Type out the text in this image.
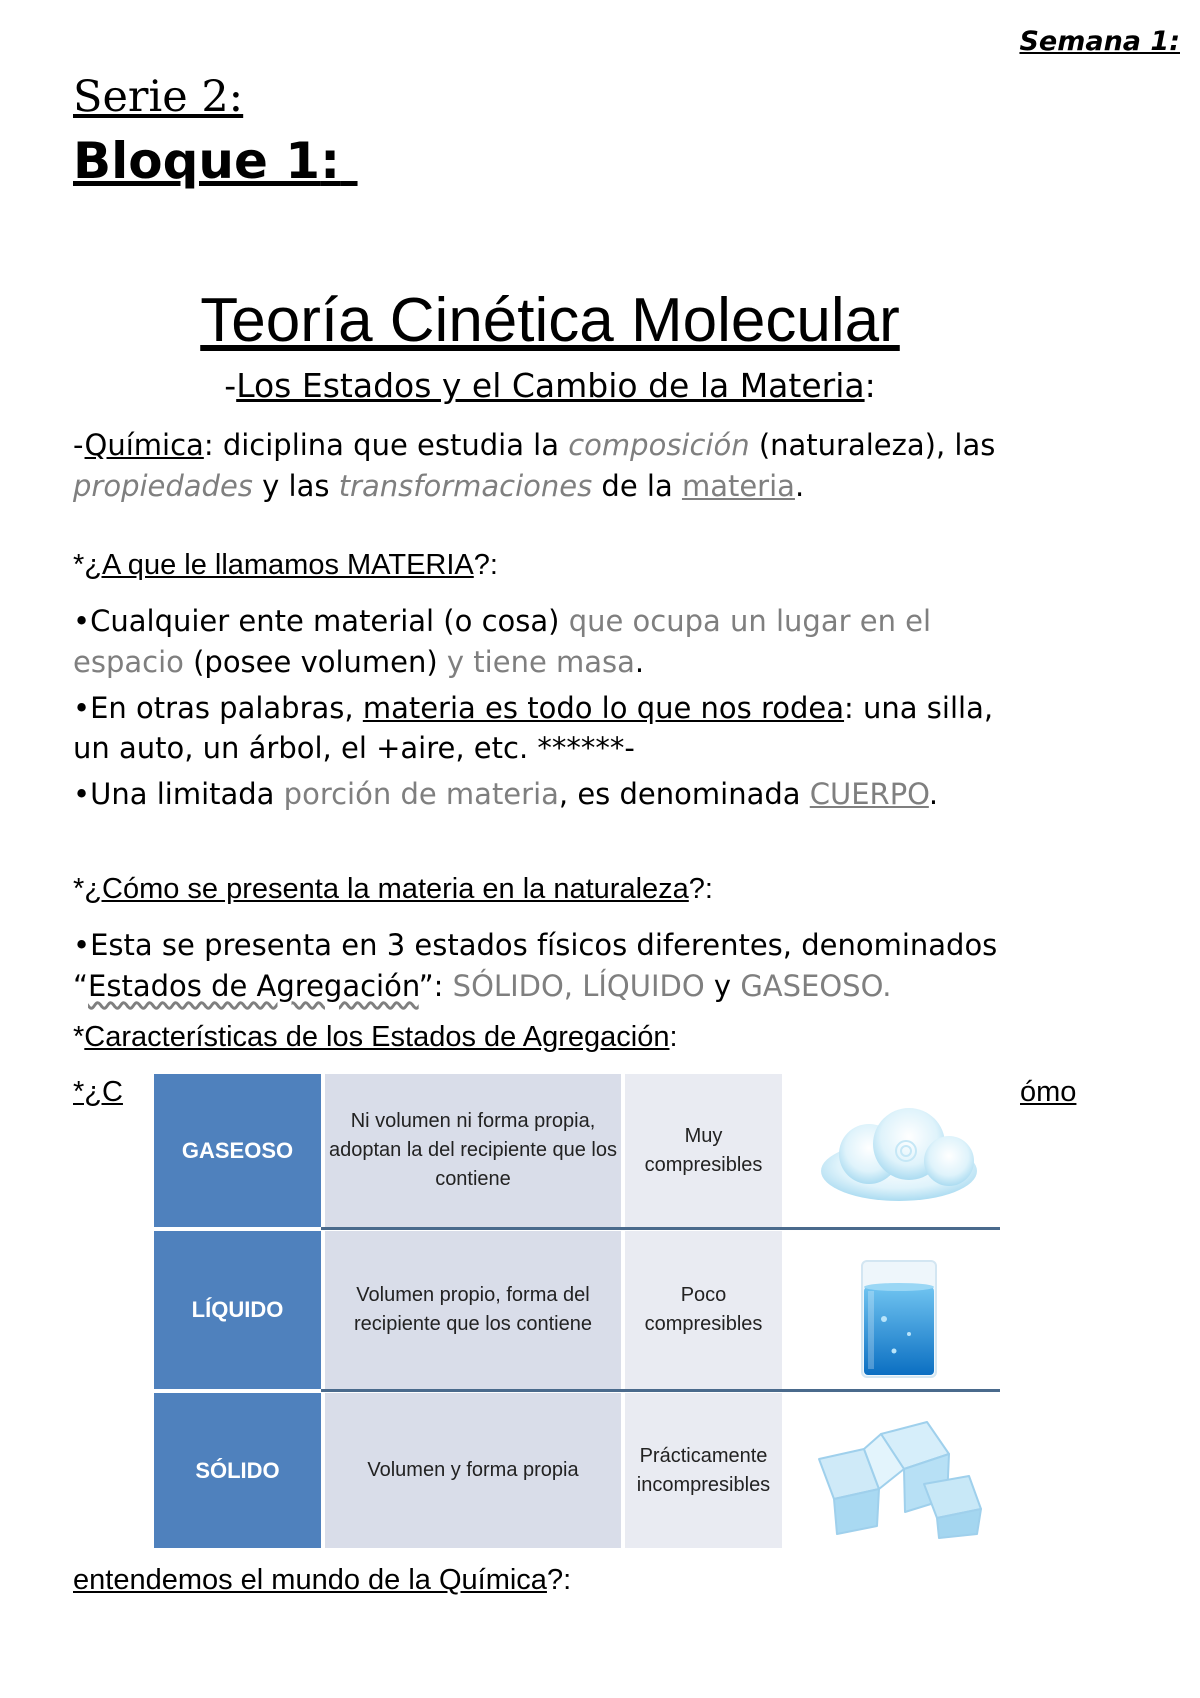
Semana 1:
Serie 2:
Bloque 1:
Teoría Cinética Molecular
-Los Estados y el Cambio de la Materia:
-Química: diciplina que estudia la composición (naturaleza), las
propiedades y las transformaciones de la materia.
*¿A que le llamamos MATERIA?:
•Cualquier ente material (o cosa) que ocupa un lugar en el
espacio (posee volumen) y tiene masa.
•En otras palabras, materia es todo lo que nos rodea: una silla,
un auto, un árbol, el +aire, etc. ******-
•Una limitada porción de materia, es denominada CUERPO.
*¿Cómo se presenta la materia en la naturaleza?:
•Esta se presenta en 3 estados físicos diferentes, denominados
“Estados de Agregación”: SÓLIDO, LÍQUIDO y GASEOSO.
*Características de los Estados de Agregación:
*¿C	ómo
entendemos el mundo de la Química?:
GASEOSO
Ni volumen ni forma propia, adoptan la del recipiente que los contiene
Muy compresibles
LÍQUIDO
Volumen propio, forma del recipiente que los contiene
Poco compresibles
SÓLIDO	Volumen y forma propia
Prácticamente incompresibles
